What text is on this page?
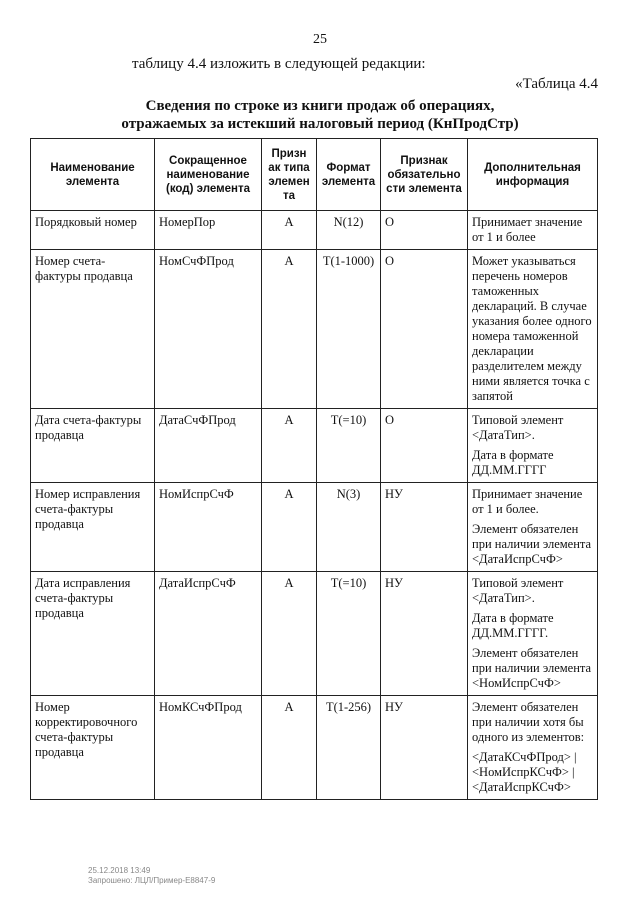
25
таблицу 4.4 изложить в следующей редакции:
«Таблица 4.4
Сведения по строке из книги продаж об операциях,
отражаемых за истекший налоговый период (КнПродСтр)
Наименование элемента	Сокращенное наименование (код) элемента	Призн ак типа элемен та	Формат элемента	Признак обязательно сти элемента	Дополнительная информация
Порядковый номер	НомерПор	А	N(12)	О	Принимает значение от 1 и более

Номер счета-фактуры продавца	НомСчФПрод	А	Т(1-1000)	О	Может указываться перечень номеров таможенных деклараций. В случае указания более одного номера таможенной декларации разделителем между ними является точка с запятой

Дата счета-фактуры продавца	ДатаСчФПрод	А	Т(=10)	О	Типовой элемент <ДатаТип>.

Дата в формате ДД.ММ.ГГГГ

Номер исправления счета-фактуры продавца	НомИспрСчФ	А	N(3)	НУ	Принимает значение от 1 и более.

Элемент обязателен при наличии элемента <ДатаИспрСчФ>

Дата исправления счета-фактуры продавца	ДатаИспрСчФ	А	Т(=10)	НУ	Типовой элемент <ДатаТип>.

Дата в формате ДД.ММ.ГГГГ.

Элемент обязателен при наличии элемента <НомИспрСчФ>

Номер корректировочного счета-фактуры продавца	НомКСчФПрод	А	Т(1-256)	НУ	Элемент обязателен при наличии хотя бы одного из элементов:

<ДатаКСчФПрод> | <НомИспрКСчФ> | <ДатаИспрКСчФ>

25.12.2018 13:49
Запрошено: ЛЦЛ/Пример-E8847-9
